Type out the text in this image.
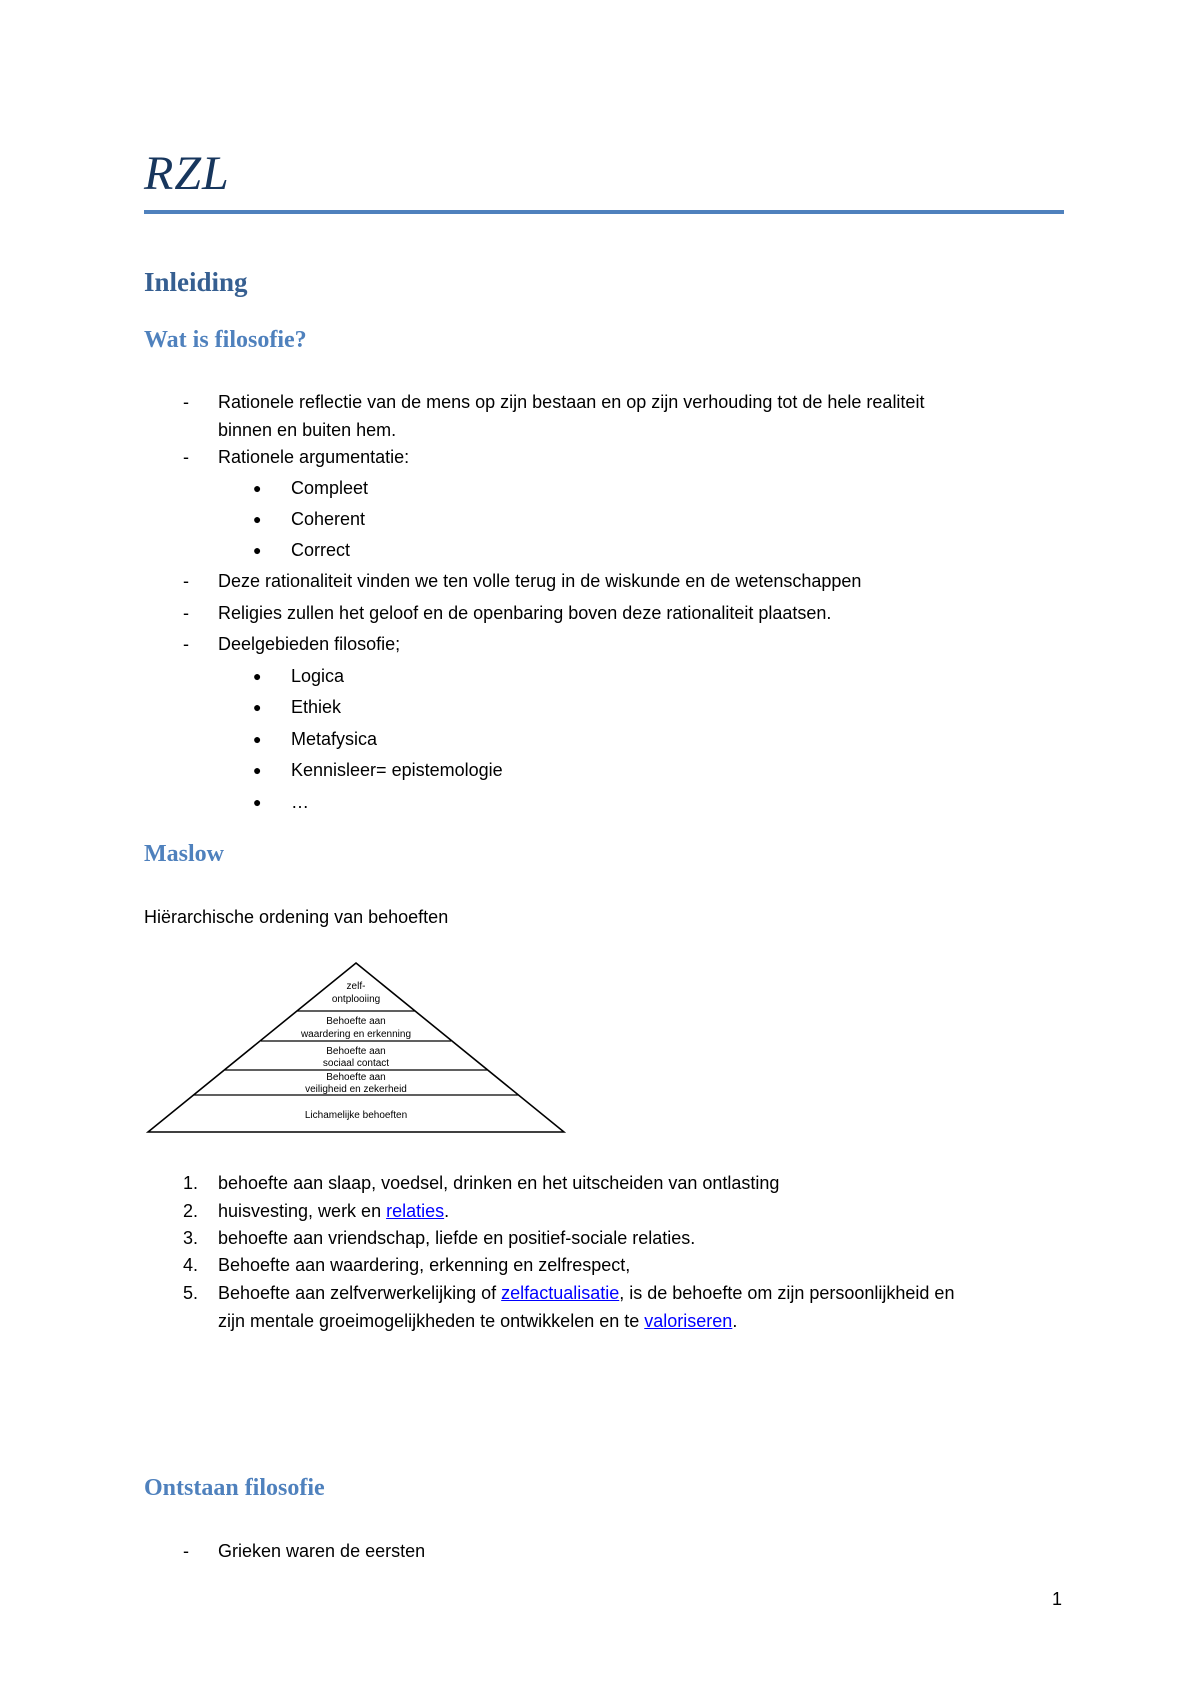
RZL
Inleiding
Wat is filosofie?
- Rationele reflectie van de mens op zijn bestaan en op zijn verhouding tot de hele realiteit
binnen en buiten hem.
- Rationele argumentatie:
● Compleet
● Coherent
● Correct
- Deze rationaliteit vinden we ten volle terug in de wiskunde en de wetenschappen
- Religies zullen het geloof en de openbaring boven deze rationaliteit plaatsen.
- Deelgebieden filosofie;
● Logica
● Ethiek
● Metafysica
● Kennisleer= epistemologie
● …
Maslow
Hiërarchische ordening van behoeften
zelf-
ontplooiing
Behoefte aan
waardering en erkenning
Behoefte aan
sociaal contact
Behoefte aan
veiligheid en zekerheid
Lichamelijke behoeften
1. behoefte aan slaap, voedsel, drinken en het uitscheiden van ontlasting
2. huisvesting, werk en relaties.
3. behoefte aan vriendschap, liefde en positief-sociale relaties.
4. Behoefte aan waardering, erkenning en zelfrespect,
5. Behoefte aan zelfverwerkelijking of zelfactualisatie, is de behoefte om zijn persoonlijkheid en
zijn mentale groeimogelijkheden te ontwikkelen en te valoriseren.
Ontstaan filosofie
- Grieken waren de eersten
1
